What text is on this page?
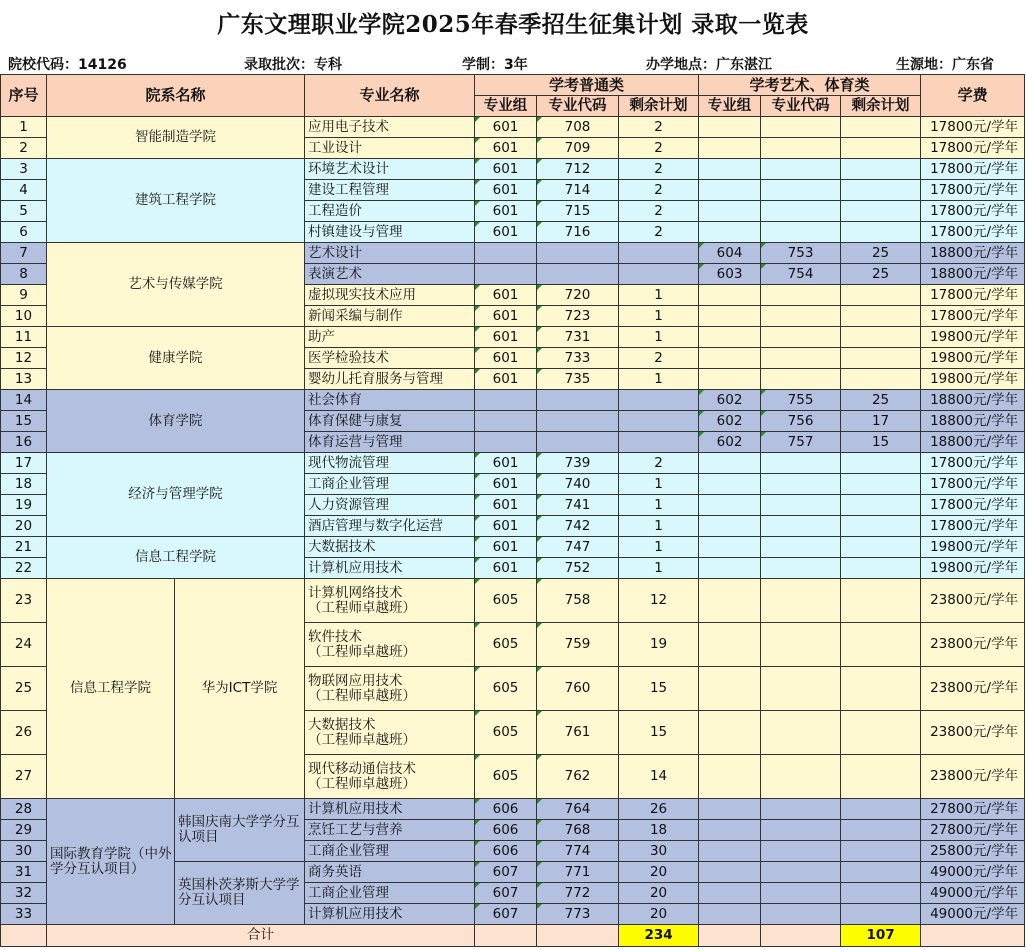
广东文理职业学院2025年春季招生征集计划 录取一览表
院校代码：14126	录取批次：专科	学制：3年	办学地点：广东湛江	生源地：广东省
序号	院系名称		专业名称	学考普通类			学考艺术、体育类			学费
				专业组	专业代码	剩余计划	专业组	专业代码	剩余计划	
1	智能制造学院		应用电子技术	601	708	2				17800元/学年
2			工业设计	601	709	2				17800元/学年
3	建筑工程学院		环境艺术设计	601	712	2				17800元/学年
4			建设工程管理	601	714	2				17800元/学年
5			工程造价	601	715	2				17800元/学年
6			村镇建设与管理	601	716	2				17800元/学年
7	艺术与传媒学院		艺术设计				604	753	25	18800元/学年
8			表演艺术				603	754	25	18800元/学年
9			虚拟现实技术应用	601	720	1				17800元/学年
10			新闻采编与制作	601	723	1				17800元/学年
11	健康学院		助产	601	731	1				19800元/学年
12			医学检验技术	601	733	2				19800元/学年
13			婴幼儿托育服务与管理	601	735	1				19800元/学年
14	体育学院		社会体育				602	755	25	18800元/学年
15			体育保健与康复				602	756	17	18800元/学年
16			体育运营与管理				602	757	15	18800元/学年
17	经济与管理学院		现代物流管理	601	739	2				17800元/学年
18			工商企业管理	601	740	1				17800元/学年
19			人力资源管理	601	741	1				17800元/学年
20			酒店管理与数字化运营	601	742	1				17800元/学年
21	信息工程学院		大数据技术	601	747	1				19800元/学年
22			计算机应用技术	601	752	1				19800元/学年
23	信息工程学院	华为ICT学院	计算机网络技术
（工程师卓越班）	605	758	12				23800元/学年
24			软件技术
（工程师卓越班）	605	759	19				23800元/学年
25			物联网应用技术
（工程师卓越班）	605	760	15				23800元/学年
26			大数据技术
（工程师卓越班）	605	761	15				23800元/学年
27			现代移动通信技术
（工程师卓越班）	605	762	14				23800元/学年
28	国际教育学院（中外学分互认项目）	韩国庆南大学学分互认项目	计算机应用技术	606	764	26				27800元/学年
29			烹饪工艺与营养	606	768	18				27800元/学年
30			工商企业管理	606	774	30				25800元/学年
31		英国朴茨茅斯大学学分互认项目	商务英语	607	771	20				49000元/学年
32			工商企业管理	607	772	20				49000元/学年
33			计算机应用技术	607	773	20				49000元/学年
	合计					234			107	
